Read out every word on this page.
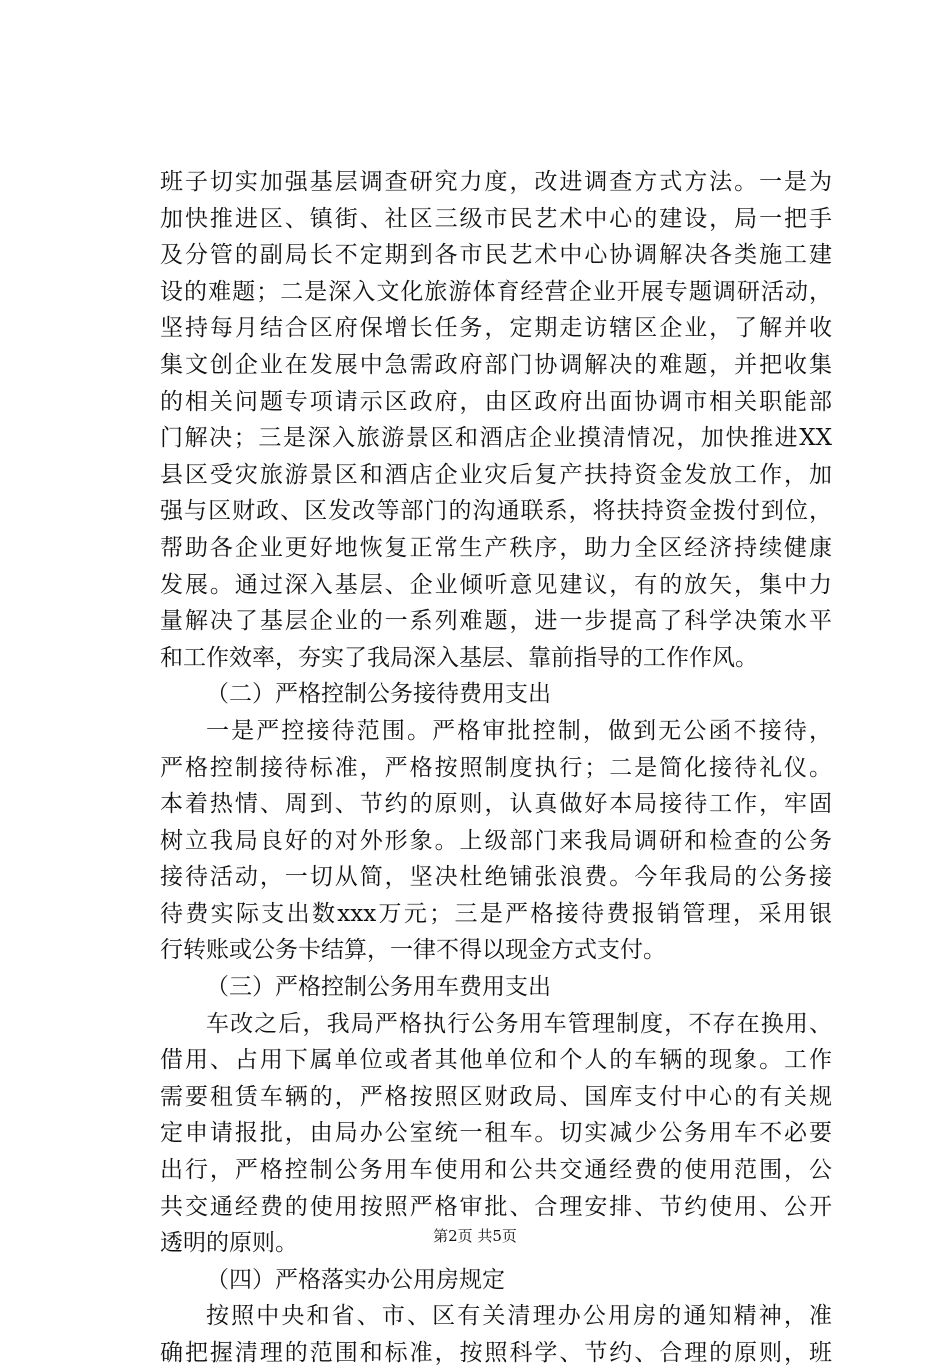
班子切实加强基层调查研究力度，改进调查方式方法。一是为
加快推进区、镇街、社区三级市民艺术中心的建设，局一把手
及分管的副局长不定期到各市民艺术中心协调解决各类施工建
设的难题；二是深入文化旅游体育经营企业开展专题调研活动，
坚持每月结合区府保增长任务，定期走访辖区企业，了解并收
集文创企业在发展中急需政府部门协调解决的难题，并把收集
的相关问题专项请示区政府，由区政府出面协调市相关职能部
门解决；三是深入旅游景区和酒店企业摸清情况，加快推进XX
县区受灾旅游景区和酒店企业灾后复产扶持资金发放工作，加
强与区财政、区发改等部门的沟通联系，将扶持资金拨付到位，
帮助各企业更好地恢复正常生产秩序，助力全区经济持续健康
发展。通过深入基层、企业倾听意见建议，有的放矢，集中力
量解决了基层企业的一系列难题，进一步提高了科学决策水平
和工作效率，夯实了我局深入基层、靠前指导的工作作风。
（二）严格控制公务接待费用支出
一是严控接待范围。严格审批控制，做到无公函不接待，
严格控制接待标准，严格按照制度执行；二是简化接待礼仪。
本着热情、周到、节约的原则，认真做好本局接待工作，牢固
树立我局良好的对外形象。上级部门来我局调研和检查的公务
接待活动，一切从简，坚决杜绝铺张浪费。今年我局的公务接
待费实际支出数xxx万元；三是严格接待费报销管理，采用银
行转账或公务卡结算，一律不得以现金方式支付。
（三）严格控制公务用车费用支出
车改之后，我局严格执行公务用车管理制度，不存在换用、
借用、占用下属单位或者其他单位和个人的车辆的现象。工作
需要租赁车辆的，严格按照区财政局、国库支付中心的有关规
定申请报批，由局办公室统一租车。切实减少公务用车不必要
出行，严格控制公务用车使用和公共交通经费的使用范围，公
共交通经费的使用按照严格审批、合理安排、节约使用、公开
透明的原则。
（四）严格落实办公用房规定
按照中央和省、市、区有关清理办公用房的通知精神，准
确把握清理的范围和标准，按照科学、节约、合理的原则，班
第2页 共5页
